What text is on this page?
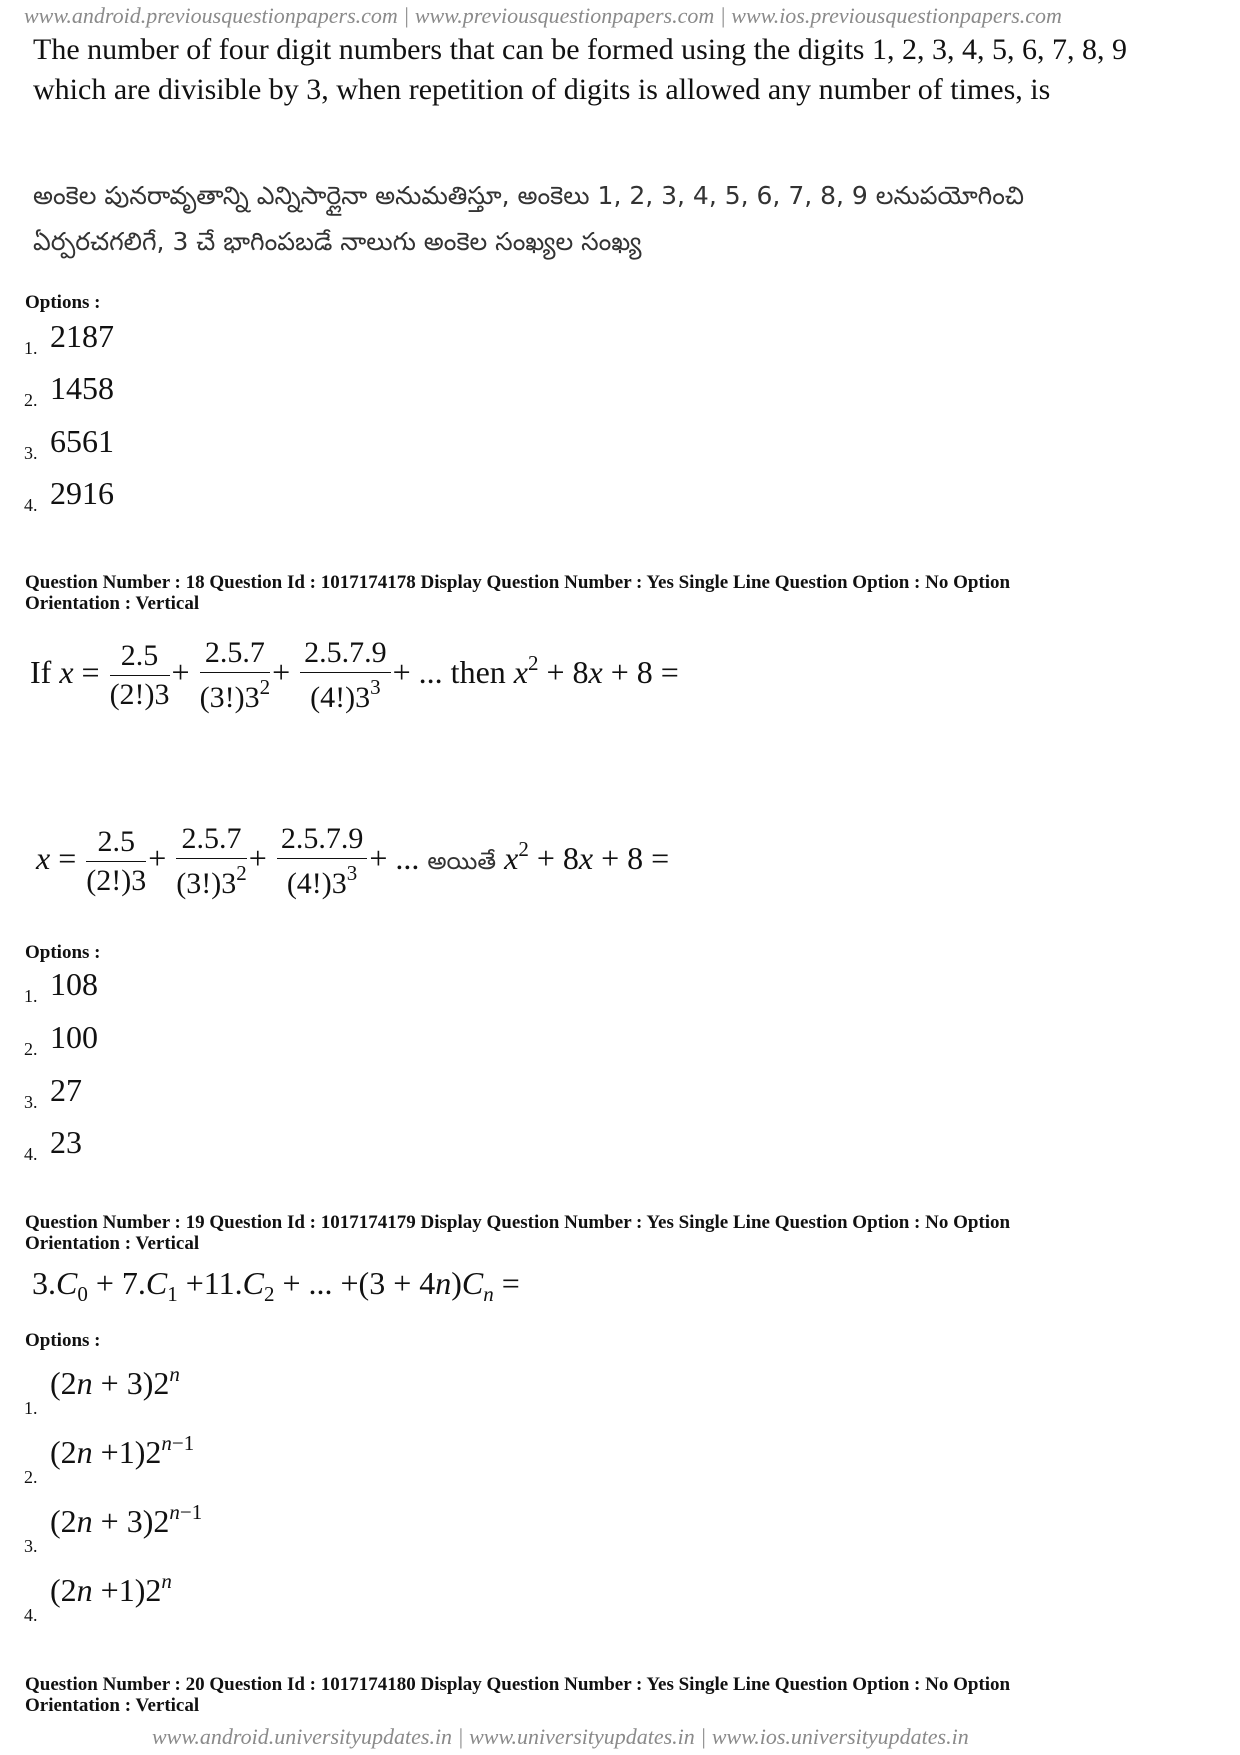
www.android.previousquestionpapers.com | www.previousquestionpapers.com | www.ios.previousquestionpapers.com
The number of four digit numbers that can be formed using the digits 1, 2, 3, 4, 5, 6, 7, 8, 9
which are divisible by 3, when repetition of digits is allowed any number of times, is
అంకెల పునరావృతాన్ని ఎన్నిసార్లైనా అనుమతిస్తూ, అంకెలు 1, 2, 3, 4, 5, 6, 7, 8, 9 లనుపయోగించి
ఏర్పరచగలిగే, 3 చే భాగింపబడే నాలుగు అంకెల సంఖ్యల సంఖ్య
Options :
1. 2187
2. 1458
3. 6561
4. 2916
Question Number : 18 Question Id : 1017174178 Display Question Number : Yes Single Line Question Option : No Option
Orientation : Vertical
If $x = \frac{2.5}{(2!)3} + \frac{2.5.7}{(3!)3^2} + \frac{2.5.7.9}{(4!)3^3}$ + ... then $x^2 + 8x + 8$ =
$x = \frac{2.5}{(2!)3} + \frac{2.5.7}{(3!)3^2} + \frac{2.5.7.9}{(4!)3^3}$ + ... అయితే $x^2 + 8x + 8$ =
Options :
1. 108
2. 100
3. 27
4. 23
Question Number : 19 Question Id : 1017174179 Display Question Number : Yes Single Line Question Option : No Option
Orientation : Vertical
$3.C_0 + 7.C_1 +11.C_2$ + ... $+(3 + 4n)C_n$ =
Options :
1.
$(2n + 3)2^n$
2.
$(2n +1)2^{n-1}$
3.
$(2n + 3)2^{n-1}$
4.
$(2n +1)2^n$
Question Number : 20 Question Id : 1017174180 Display Question Number : Yes Single Line Question Option : No Option
Orientation : Vertical
www.android.universityupdates.in | www.universityupdates.in | www.ios.universityupdates.in
